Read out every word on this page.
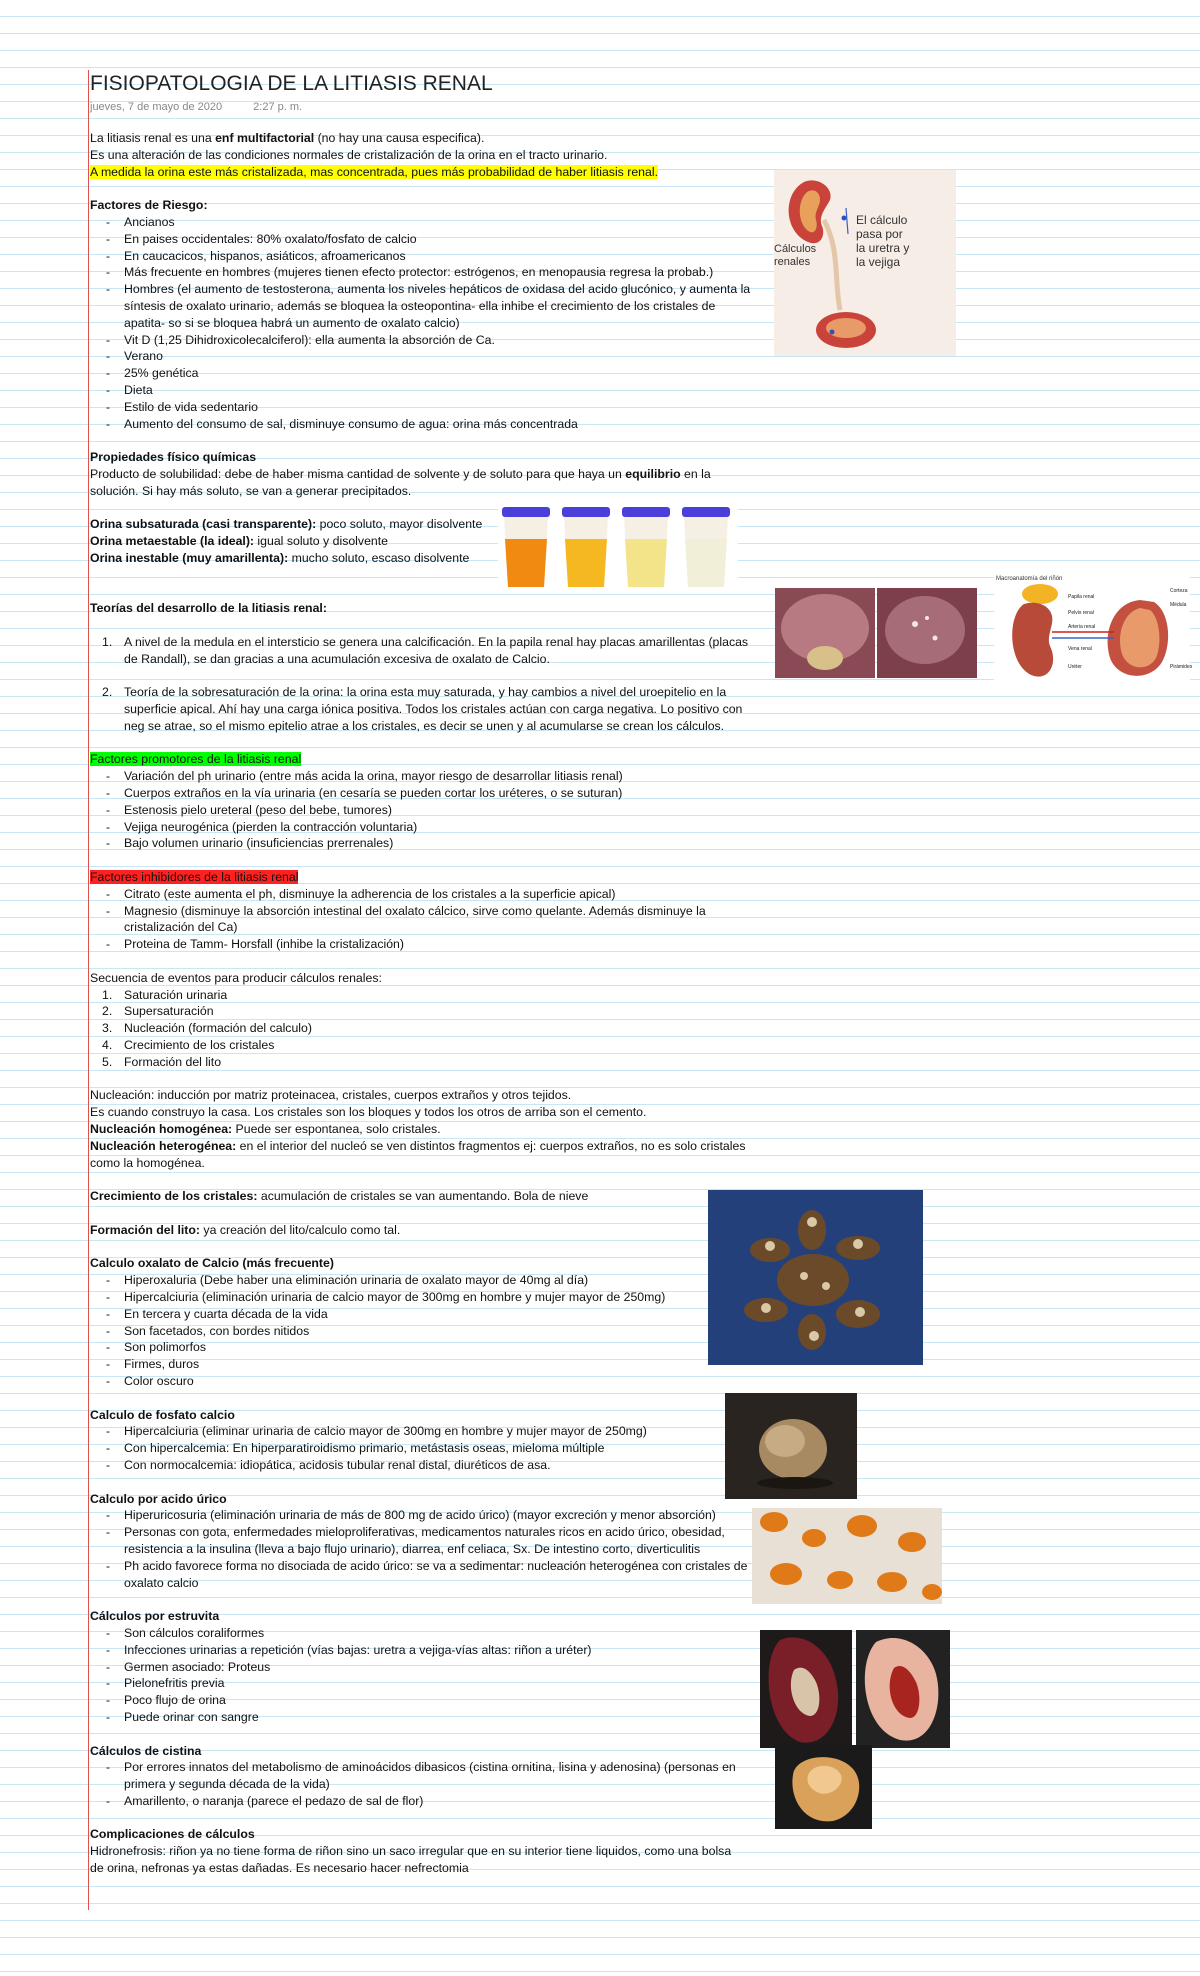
FISIOPATOLOGIA DE LA LITIASIS RENAL
jueves, 7 de mayo de 2020	2:27 p. m.
La litiasis renal es una enf multifactorial (no hay una causa especifica).
Es una alteración de las condiciones normales de cristalización de la orina en el tracto urinario.
A medida la orina este más cristalizada, mas concentrada, pues más probabilidad de haber litiasis renal.
Factores de Riesgo:
- Ancianos
- En paises occidentales: 80% oxalato/fosfato de calcio
- En caucacicos, hispanos, asiáticos, afroamericanos
- Más frecuente en hombres (mujeres tienen efecto protector: estrógenos, en menopausia regresa la probab.)
- Hombres (el aumento de testosterona, aumenta los niveles hepáticos de oxidasa del acido glucónico, y aumenta la
síntesis de oxalato urinario, además se bloquea la osteopontina- ella inhibe el crecimiento de los cristales de
apatita- so si se bloquea habrá un aumento de oxalato calcio)
- Vit D (1,25 Dihidroxicolecalciferol): ella aumenta la absorción de Ca.
- Verano
- 25% genética
- Dieta
- Estilo de vida sedentario
- Aumento del consumo de sal, disminuye consumo de agua: orina más concentrada
Propiedades físico químicas
Producto de solubilidad: debe de haber misma cantidad de solvente y de soluto para que haya un equilibrio en la
solución. Si hay más soluto, se van a generar precipitados.
Orina subsaturada (casi transparente): poco soluto, mayor disolvente
Orina metaestable (la ideal): igual soluto y disolvente
Orina inestable (muy amarillenta): mucho soluto, escaso disolvente
Teorías del desarrollo de la litiasis renal:
1. A nivel de la medula en el intersticio se genera una calcificación. En la papila renal hay placas amarillentas (placas
de Randall), se dan gracias a una acumulación excesiva de oxalato de Calcio.
2. Teoría de la sobresaturación de la orina: la orina esta muy saturada, y hay cambios a nivel del uroepitelio en la
superficie apical. Ahí hay una carga iónica positiva. Todos los cristales actúan con carga negativa. Lo positivo con
neg se atrae, so el mismo epitelio atrae a los cristales, es decir se unen y al acumularse se crean los cálculos.
Factores promotores de la litiasis renal
- Variación del ph urinario (entre más acida la orina, mayor riesgo de desarrollar litiasis renal)
- Cuerpos extraños en la vía urinaria (en cesaría se pueden cortar los uréteres, o se suturan)
- Estenosis pielo ureteral (peso del bebe, tumores)
- Vejiga neurogénica (pierden la contracción voluntaria)
- Bajo volumen urinario (insuficiencias prerrenales)
Factores inhibidores de la litiasis renal
- Citrato (este aumenta el ph, disminuye la adherencia de los cristales a la superficie apical)
- Magnesio (disminuye la absorción intestinal del oxalato cálcico, sirve como quelante. Además disminuye la
cristalización del Ca)
- Proteina de Tamm- Horsfall (inhibe la cristalización)
Secuencia de eventos para producir cálculos renales:
1. Saturación urinaria
2. Supersaturación
3. Nucleación (formación del calculo)
4. Crecimiento de los cristales
5. Formación del lito
Nucleación: inducción por matriz proteinacea, cristales, cuerpos extraños y otros tejidos.
Es cuando construyo la casa. Los cristales son los bloques y todos los otros de arriba son el cemento.
Nucleación homogénea: Puede ser espontanea, solo cristales.
Nucleación heterogénea: en el interior del nucleó se ven distintos fragmentos ej: cuerpos extraños, no es solo cristales
como la homogénea.
Crecimiento de los cristales: acumulación de cristales se van aumentando. Bola de nieve
Formación del lito: ya creación del lito/calculo como tal.
Calculo oxalato de Calcio (más frecuente)
- Hiperoxaluria (Debe haber una eliminación urinaria de oxalato mayor de 40mg al día)
- Hipercalciuria (eliminación urinaria de calcio mayor de 300mg en hombre y mujer mayor de 250mg)
- En tercera y cuarta década de la vida
- Son facetados, con bordes nitidos
- Son polimorfos
- Firmes, duros
- Color oscuro
Calculo de fosfato calcio
- Hipercalciuria (eliminar urinaria de calcio mayor de 300mg en hombre y mujer mayor de 250mg)
- Con hipercalcemia: En hiperparatiroidismo primario, metástasis oseas, mieloma múltiple
- Con normocalcemia: idiopática, acidosis tubular renal distal, diuréticos de asa.
Calculo por acido úrico
- Hiperuricosuria (eliminación urinaria de más de 800 mg de acido úrico) (mayor excreción y menor absorción)
- Personas con gota, enfermedades mieloproliferativas, medicamentos naturales ricos en acido úrico, obesidad,
resistencia a la insulina (lleva a bajo flujo urinario), diarrea, enf celiaca, Sx. De intestino corto, diverticulitis
- Ph acido favorece forma no disociada de acido úrico: se va a sedimentar: nucleación heterogénea con cristales de
oxalato calcio
Cálculos por estruvita
- Son cálculos coraliformes
- Infecciones urinarias a repetición (vías bajas: uretra a vejiga-vías altas: riñon a uréter)
- Germen asociado: Proteus
- Pielonefritis previa
- Poco flujo de orina
- Puede orinar con sangre
Cálculos de cistina
- Por errores innatos del metabolismo de aminoácidos dibasicos (cistina ornitina, lisina y adenosina) (personas en
primera y segunda década de la vida)
- Amarillento, o naranja (parece el pedazo de sal de flor)
Complicaciones de cálculos
Hidronefrosis: riñon ya no tiene forma de riñon sino un saco irregular que en su interior tiene liquidos, como una bolsa
de orina, nefronas ya estas dañadas. Es necesario hacer nefrectomia
Cálculos
renales
El cálculo
pasa por
la uretra y
la vejiga
Macroanatomía del riñón
Papila renal
Pelvis renal
Arteria renal
Vena renal
Uréter
Corteza
Médula
Pirámides
